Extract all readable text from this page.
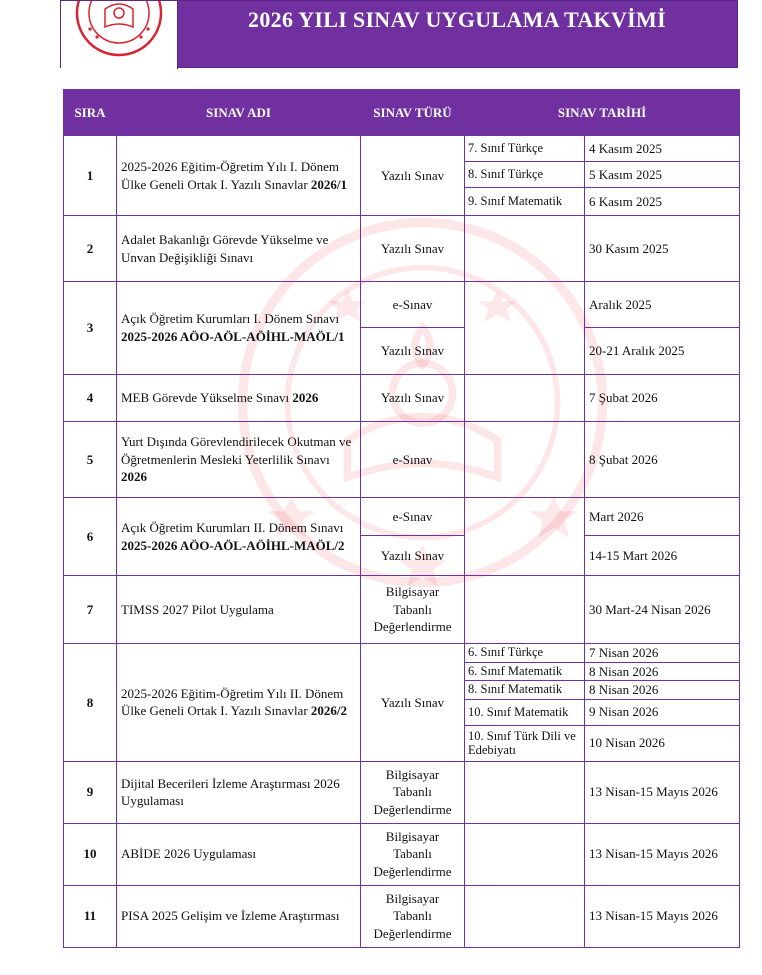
2026 YILI SINAV UYGULAMA TAKVİMİ
SIRA	SINAV ADI	SINAV TÜRÜ	SINAV TARİHİ	
1	2025-2026 Eğitim-Öğretim Yılı I. Dönem Ülke Geneli Ortak I. Yazılı Sınavlar 2026/1	Yazılı Sınav	7. Sınıf Türkçe	4 Kasım 2025
			8. Sınıf Türkçe	5 Kasım 2025
			9. Sınıf Matematik	6 Kasım 2025
2	Adalet Bakanlığı Görevde Yükselme ve Unvan Değişikliği Sınavı	Yazılı Sınav		30 Kasım 2025
3	Açık Öğretim Kurumları I. Dönem Sınavı 2025-2026 AÖO-AÖL-AÖİHL-MAÖL/1	e-Sınav		Aralık 2025
		Yazılı Sınav		20-21 Aralık 2025
4	MEB Görevde Yükselme Sınavı 2026	Yazılı Sınav		7 Şubat 2026
5	Yurt Dışında Görevlendirilecek Okutman ve Öğretmenlerin Mesleki Yeterlilik Sınavı 2026	e-Sınav		8 Şubat 2026
6	Açık Öğretim Kurumları II. Dönem Sınavı 2025-2026 AÖO-AÖL-AÖİHL-MAÖL/2	e-Sınav		Mart 2026
		Yazılı Sınav		14-15 Mart 2026
7	TIMSS 2027 Pilot Uygulama	Bilgisayar Tabanlı Değerlendirme		30 Mart-24 Nisan 2026
8	2025-2026 Eğitim-Öğretim Yılı II. Dönem Ülke Geneli Ortak I. Yazılı Sınavlar 2026/2	Yazılı Sınav	6. Sınıf Türkçe	7 Nisan 2026
			6. Sınıf Matematik	8 Nisan 2026
			8. Sınıf Matematik	8 Nisan 2026
			10. Sınıf Matematik	9 Nisan 2026
			10. Sınıf Türk Dili ve Edebiyatı	10 Nisan 2026
9	Dijital Becerileri İzleme Araştırması 2026 Uygulaması	Bilgisayar Tabanlı Değerlendirme		13 Nisan-15 Mayıs 2026
10	ABİDE 2026 Uygulaması	Bilgisayar Tabanlı Değerlendirme		13 Nisan-15 Mayıs 2026
11	PISA 2025 Gelişim ve İzleme Araştırması	Bilgisayar Tabanlı Değerlendirme		13 Nisan-15 Mayıs 2026
